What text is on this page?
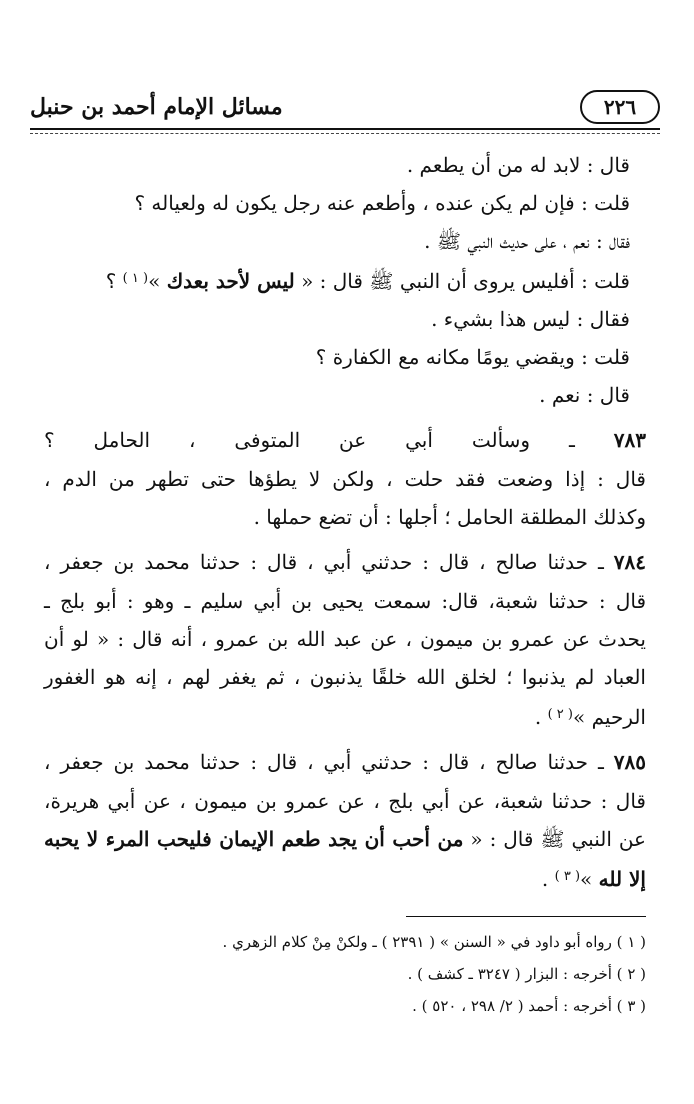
٢٢٦
مسائل الإمام أحمد بن حنبل
قال : لابد له من أن يطعم .
قلت : فإن لم يكن عنده ، وأطعم عنه رجل يكون له ولعياله ؟
فقال : نعم ، على حديث النبي ﷺ .
قلت : أفليس يروى أن النبي ﷺ قال : « ليس لأحد بعدك »$^{( ١ )}$ ؟
فقال : ليس هذا بشيء .
قلت : ويقضي يومًا مكانه مع الكفارة ؟
قال : نعم .
٧٨٣ ـ وسألت أبي عن المتوفى ، الحامل ؟
قال : إذا وضعت فقد حلت ، ولكن لا يطؤها حتى تطهر من الدم ،
وكذلك المطلقة الحامل ؛ أجلها : أن تضع حملها .
٧٨٤ ـ حدثنا صالح ، قال : حدثني أبي ، قال : حدثنا محمد بن جعفر ،
قال : حدثنا شعبة، قال: سمعت يحيى بن أبي سليم ـ وهو : أبو بلج ـ
يحدث عن عمرو بن ميمون ، عن عبد الله بن عمرو ، أنه قال : « لو أن
العباد لم يذنبوا ؛ لخلق الله خلقًا يذنبون ، ثم يغفر لهم ، إنه هو الغفور
الرحيم »$^{( ٢ )}$ .
٧٨٥ ـ حدثنا صالح ، قال : حدثني أبي ، قال : حدثنا محمد بن جعفر ،
قال : حدثنا شعبة، عن أبي بلج ، عن عمرو بن ميمون ، عن أبي هريرة،
عن النبي ﷺ قال : « من أحب أن يجد طعم الإيمان فليحب المرء لا يحبه
إلا لله »$^{( ٣ )}$ .
( ١ ) رواه أبو داود في « السنن » ( ٢٣٩١ ) ـ ولكنْ مِنْ كلام الزهري .
( ٢ ) أخرجه : البزار ( ٣٢٤٧ ـ كشف ) .
( ٣ ) أخرجه : أحمد ( ٢/ ٢٩٨ ، ٥٢٠ ) .
